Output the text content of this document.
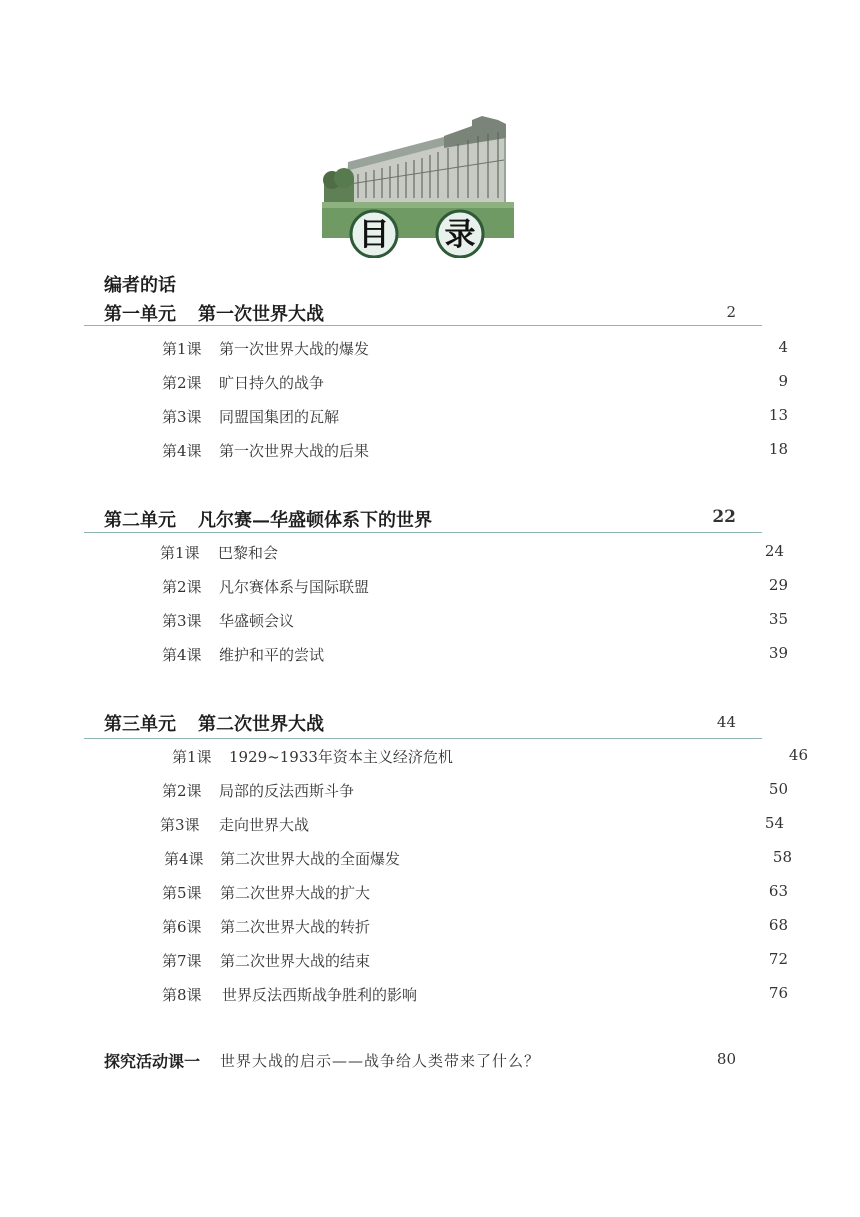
目 录
编者的话
第一单元 第一次世界大战	2
第1课 第一次世界大战的爆发	4
第2课 旷日持久的战争	9
第3课 同盟国集团的瓦解	13
第4课 第一次世界大战的后果	18
第二单元 凡尔赛—华盛顿体系下的世界	22
第1课 巴黎和会	24
第2课 凡尔赛体系与国际联盟	29
第3课 华盛顿会议	35
第4课 维护和平的尝试	39
第三单元 第二次世界大战	44
第1课 1929~1933年资本主义经济危机	46
第2课 局部的反法西斯斗争	50
第3课 走向世界大战	54
第4课 第二次世界大战的全面爆发	58
第5课 第二次世界大战的扩大	63
第6课 第二次世界大战的转折	68
第7课 第二次世界大战的结束	72
第8课 世界反法西斯战争胜利的影响	76
探究活动课一 世界大战的启示——战争给人类带来了什么？	80
